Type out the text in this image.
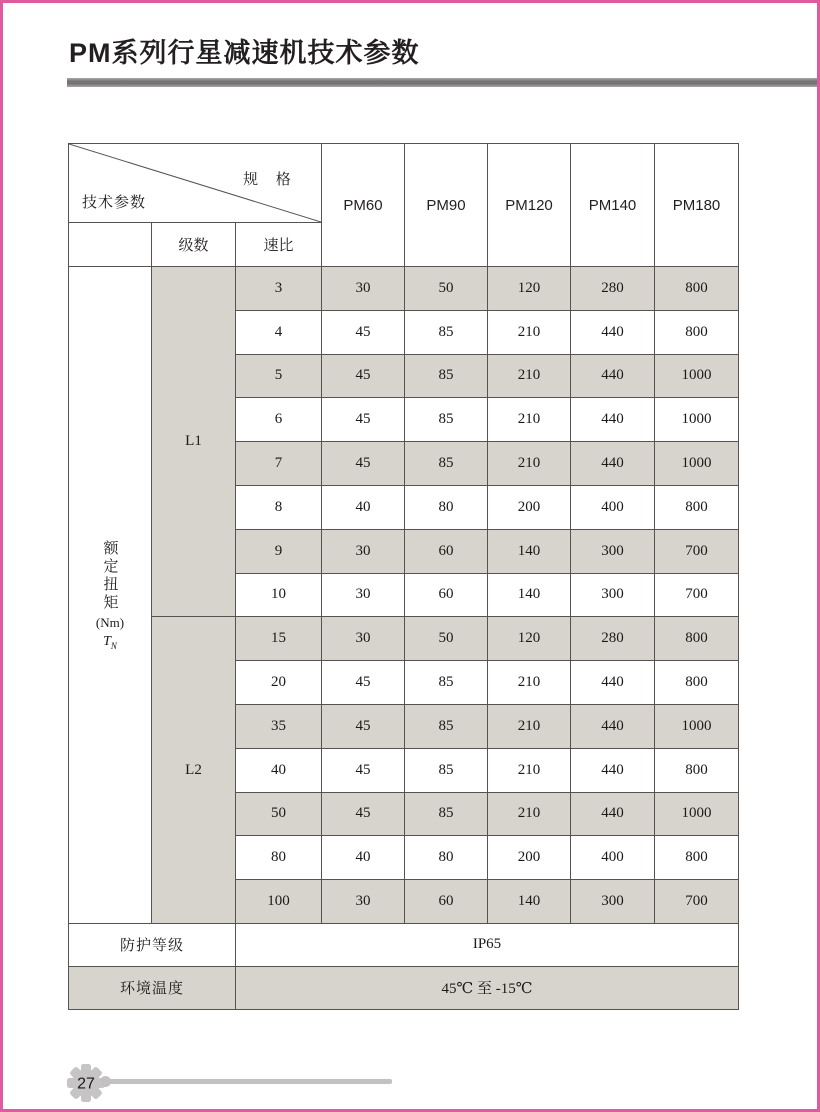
PM系列行星减速机技术参数
规 格
技术参数			PM60	PM90	PM120	PM140	PM180
	级数	速比					

额定扭矩
(Nm)
$T_N$	L1	3	30	50	120	280	800
		4	45	85	210	440	800
		5	45	85	210	440	1000
		6	45	85	210	440	1000
		7	45	85	210	440	1000
		8	40	80	200	400	800
		9	30	60	140	300	700
		10	30	60	140	300	700
	L2	15	30	50	120	280	800
		20	45	85	210	440	800
		35	45	85	210	440	1000
		40	45	85	210	440	800
		50	45	85	210	440	1000
		80	40	80	200	400	800
		100	30	60	140	300	700
防护等级		IP65					
环境温度		45℃ 至 -15℃					
27
